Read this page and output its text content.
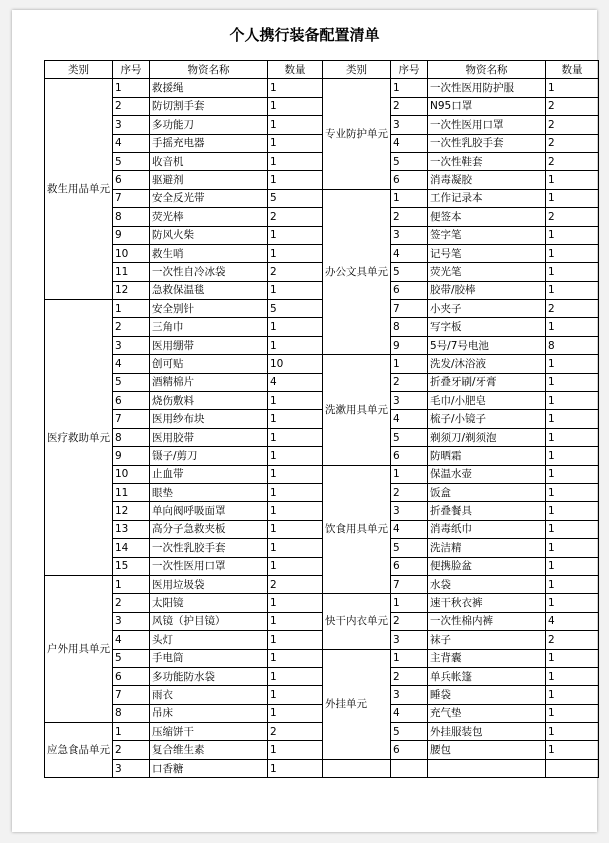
个人携行装备配置清单
类别	序号	物资名称	数量	类别	序号	物资名称	数量
救生用品单元	1	救援绳	1	专业防护单元	1	一次性医用防护服	1
	2	防切割手套	1		2	N95口罩	2
	3	多功能刀	1		3	一次性医用口罩	2
	4	手摇充电器	1		4	一次性乳胶手套	2
	5	收音机	1		5	一次性鞋套	2
	6	驱避剂	1		6	消毒凝胶	1
	7	安全反光带	5	办公文具单元	1	工作记录本	1
	8	荧光棒	2		2	便签本	2
	9	防风火柴	1		3	签字笔	1
	10	救生哨	1		4	记号笔	1
	11	一次性自冷冰袋	2		5	荧光笔	1
	12	急救保温毯	1		6	胶带/胶棒	1
医疗救助单元	1	安全别针	5		7	小夹子	2
	2	三角巾	1		8	写字板	1
	3	医用绷带	1		9	5号/7号电池	8
	4	创可贴	10	洗漱用具单元	1	洗发/沐浴液	1
	5	酒精棉片	4		2	折叠牙刷/牙膏	1
	6	烧伤敷料	1		3	毛巾/小肥皂	1
	7	医用纱布块	1		4	梳子/小镜子	1
	8	医用胶带	1		5	剃须刀/剃须泡	1
	9	镊子/剪刀	1		6	防晒霜	1
	10	止血带	1	饮食用具单元	1	保温水壶	1
	11	眼垫	1		2	饭盒	1
	12	单向阀呼吸面罩	1		3	折叠餐具	1
	13	高分子急救夹板	1		4	消毒纸巾	1
	14	一次性乳胶手套	1		5	洗洁精	1
	15	一次性医用口罩	1		6	便携脸盆	1
户外用具单元	1	医用垃圾袋	2		7	水袋	1
	2	太阳镜	1	快干内衣单元	1	速干秋衣裤	1
	3	风镜（护目镜）	1		2	一次性棉内裤	4
	4	头灯	1		3	袜子	2
	5	手电筒	1	外挂单元	1	主背囊	1
	6	多功能防水袋	1		2	单兵帐篷	1
	7	雨衣	1		3	睡袋	1
	8	吊床	1		4	充气垫	1
应急食品单元	1	压缩饼干	2		5	外挂服装包	1
	2	复合维生素	1		6	腰包	1
	3	口香糖	1				
